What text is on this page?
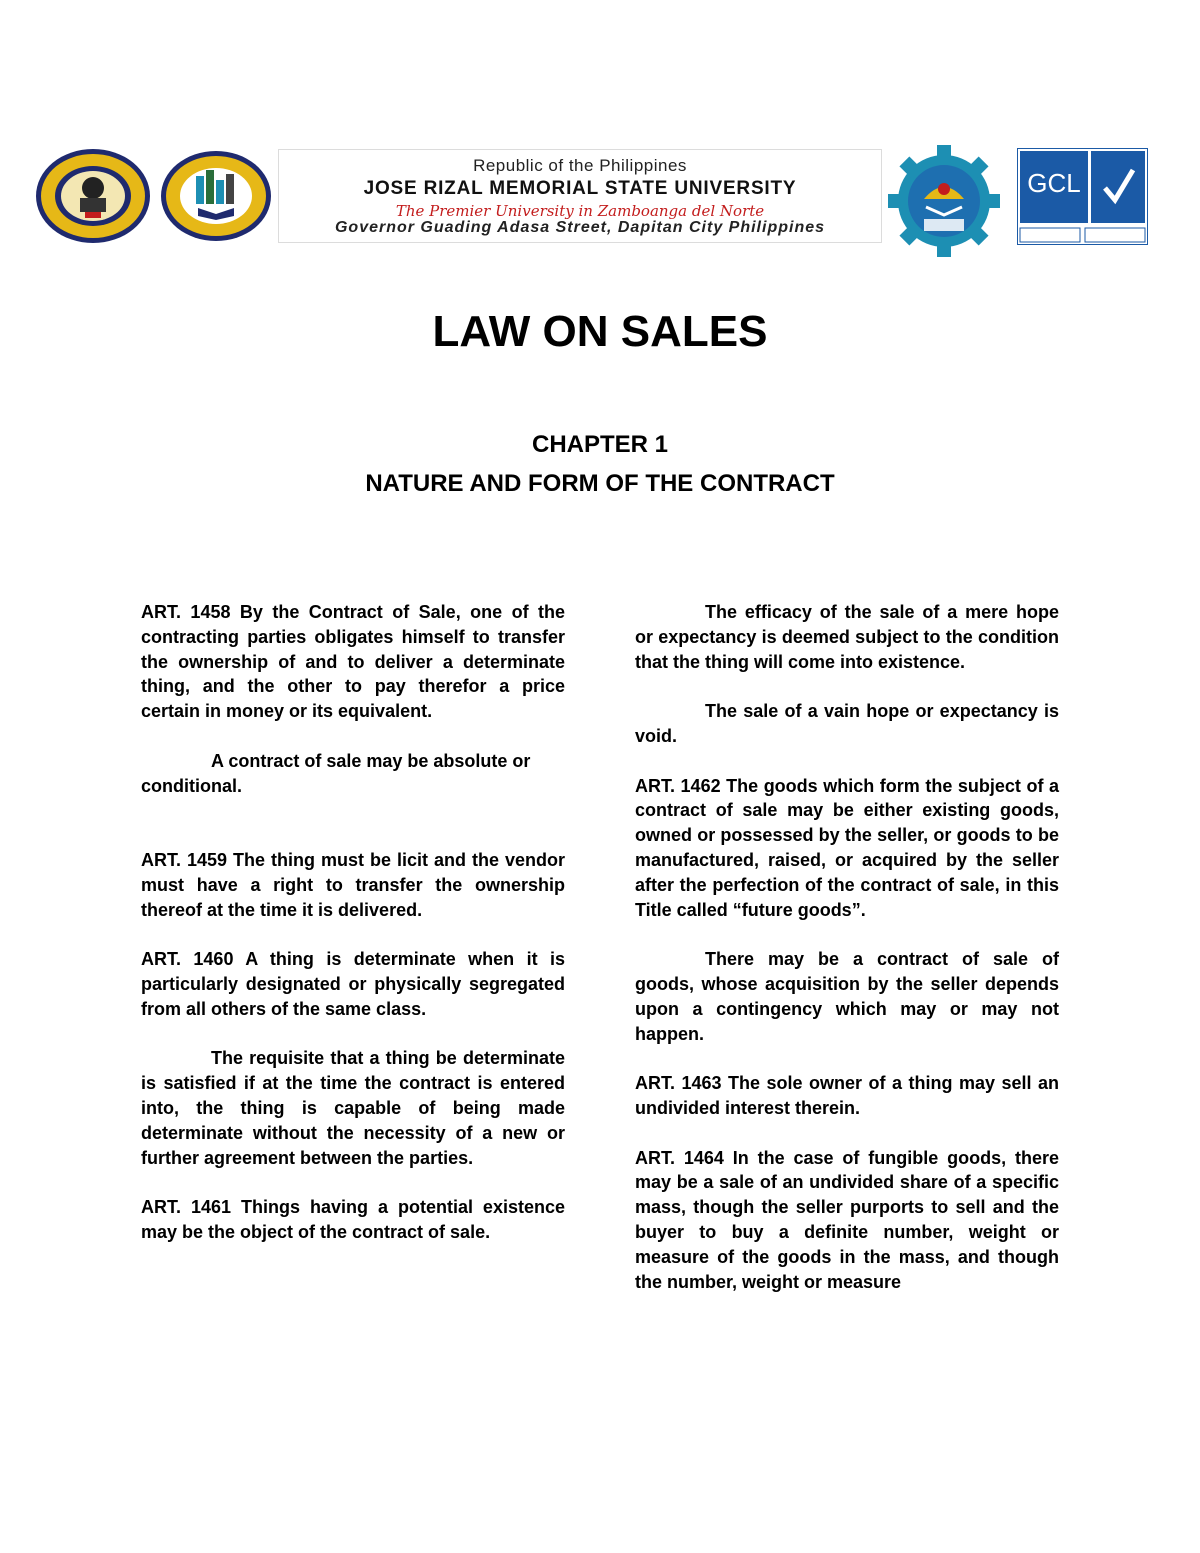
Republic of the Philippines
JOSE RIZAL MEMORIAL STATE UNIVERSITY
The Premier University in Zamboanga del Norte
Governor Guading Adasa Street, Dapitan City Philippines
GCL
LAW ON SALES
CHAPTER 1
NATURE AND FORM OF THE CONTRACT

ART. 1458 By the Contract of Sale, one of the contracting parties obligates himself to transfer the ownership of and to deliver a determinate thing, and the other to pay therefor a price certain in money or its equivalent.

A contract of sale may be absolute or conditional.

ART. 1459 The thing must be licit and the vendor must have a right to transfer the ownership thereof at the time it is delivered.

ART. 1460 A thing is determinate when it is particularly designated or physically segregated from all others of the same class.

The requisite that a thing be determinate is satisfied if at the time the contract is entered into, the thing is capable of being made determinate without the necessity of a new or further agreement between the parties.

ART. 1461 Things having a potential existence may be the object of the contract of sale.

The efficacy of the sale of a mere hope or expectancy is deemed subject to the condition that the thing will come into existence.

The sale of a vain hope or expectancy is void.

ART. 1462 The goods which form the subject of a contract of sale may be either existing goods, owned or possessed by the seller, or goods to be manufactured, raised, or acquired by the seller after the perfection of the contract of sale, in this Title called “future goods”.

There may be a contract of sale of goods, whose acquisition by the seller depends upon a contingency which may or may not happen.

ART. 1463 The sole owner of a thing may sell an undivided interest therein.

ART. 1464 In the case of fungible goods, there may be a sale of an undivided share of a specific mass, though the seller purports to sell and the buyer to buy a definite number, weight or measure of the goods in the mass, and though the number, weight or measure
